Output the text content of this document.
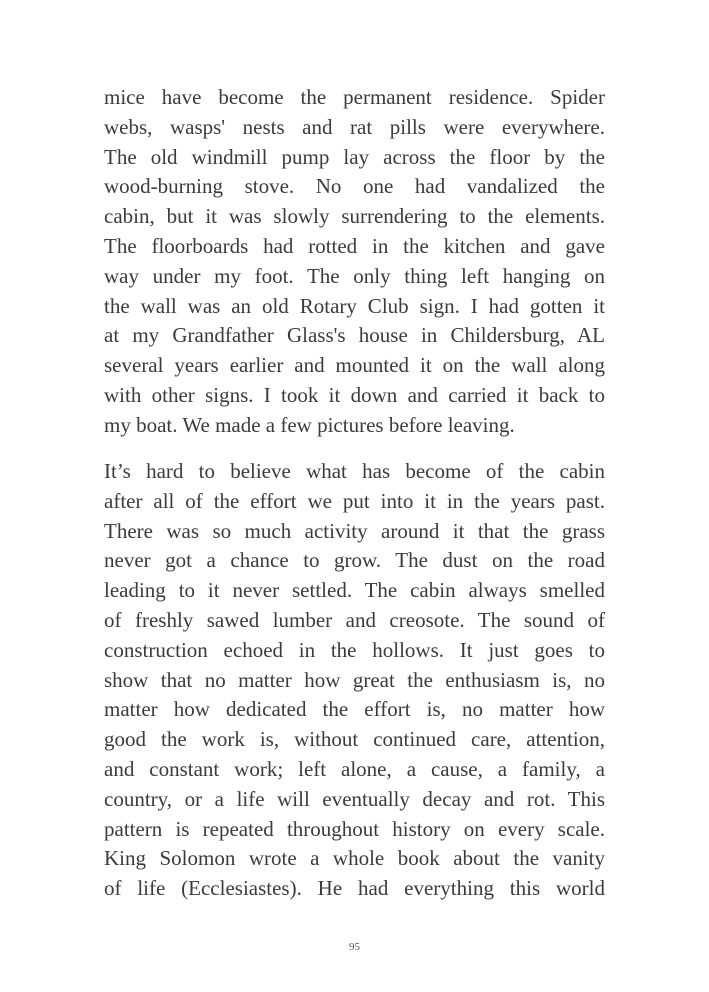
mice have become the permanent residence. Spider
webs, wasps' nests and rat pills were everywhere.
The old windmill pump lay across the floor by the
wood-burning stove. No one had vandalized the
cabin, but it was slowly surrendering to the elements.
The floorboards had rotted in the kitchen and gave
way under my foot. The only thing left hanging on
the wall was an old Rotary Club sign. I had gotten it
at my Grandfather Glass's house in Childersburg, AL
several years earlier and mounted it on the wall along
with other signs. I took it down and carried it back to
my boat. We made a few pictures before leaving.
It’s hard to believe what has become of the cabin
after all of the effort we put into it in the years past.
There was so much activity around it that the grass
never got a chance to grow. The dust on the road
leading to it never settled. The cabin always smelled
of freshly sawed lumber and creosote. The sound of
construction echoed in the hollows. It just goes to
show that no matter how great the enthusiasm is, no
matter how dedicated the effort is, no matter how
good the work is, without continued care, attention,
and constant work; left alone, a cause, a family, a
country, or a life will eventually decay and rot. This
pattern is repeated throughout history on every scale.
King Solomon wrote a whole book about the vanity
of life (Ecclesiastes). He had everything this world
95
